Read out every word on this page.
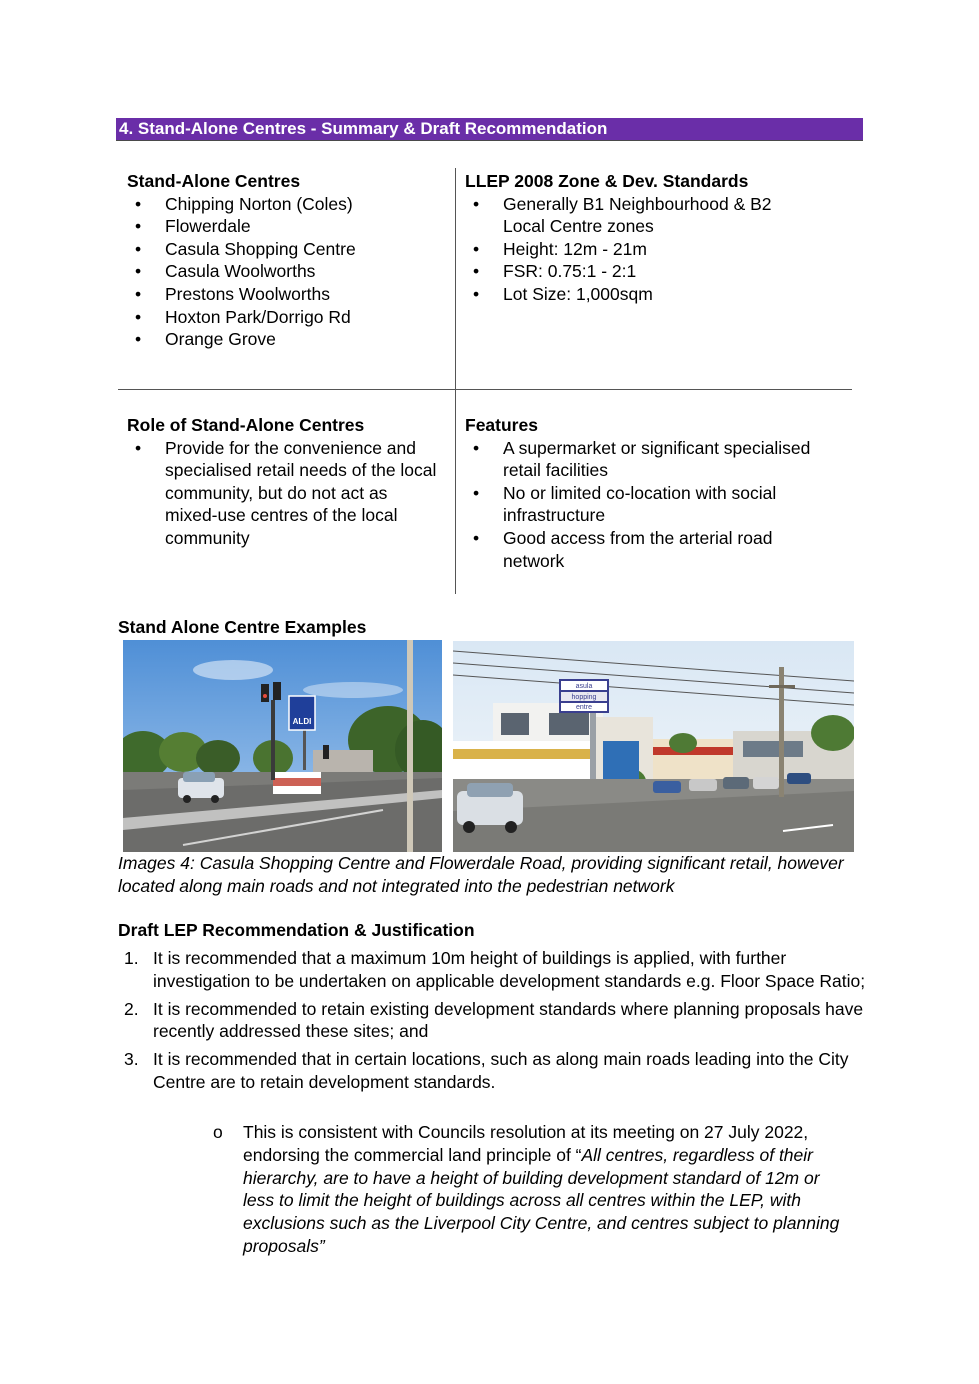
4. Stand-Alone Centres - Summary & Draft Recommendation
Stand-Alone Centres
• Chipping Norton (Coles)
• Flowerdale
• Casula Shopping Centre
• Casula Woolworths
• Prestons Woolworths
• Hoxton Park/Dorrigo Rd
• Orange Grove
LLEP 2008 Zone & Dev. Standards
• Generally B1 Neighbourhood & B2 Local Centre zones
• Height: 12m - 21m
• FSR: 0.75:1 - 2:1
• Lot Size: 1,000sqm
Role of Stand-Alone Centres
• Provide for the convenience and specialised retail needs of the local community, but do not act as mixed-use centres of the local community
Features
• A supermarket or significant specialised retail facilities
• No or limited co-location with social infrastructure
• Good access from the arterial road network
Stand Alone Centre Examples
ALDI
asula
hopping
entre
Images 4: Casula Shopping Centre and Flowerdale Road, providing significant retail, however located along main roads and not integrated into the pedestrian network
Draft LEP Recommendation & Justification
1. It is recommended that a maximum 10m height of buildings is applied, with further investigation to be undertaken on applicable development standards e.g. Floor Space Ratio;
2. It is recommended to retain existing development standards where planning proposals have recently addressed these sites; and
3. It is recommended that in certain locations, such as along main roads leading into the City Centre are to retain development standards.
o This is consistent with Councils resolution at its meeting on 27 July 2022, endorsing the commercial land principle of “All centres, regardless of their hierarchy, are to have a height of building development standard of 12m or less to limit the height of buildings across all centres within the LEP, with exclusions such as the Liverpool City Centre, and centres subject to planning proposals”
